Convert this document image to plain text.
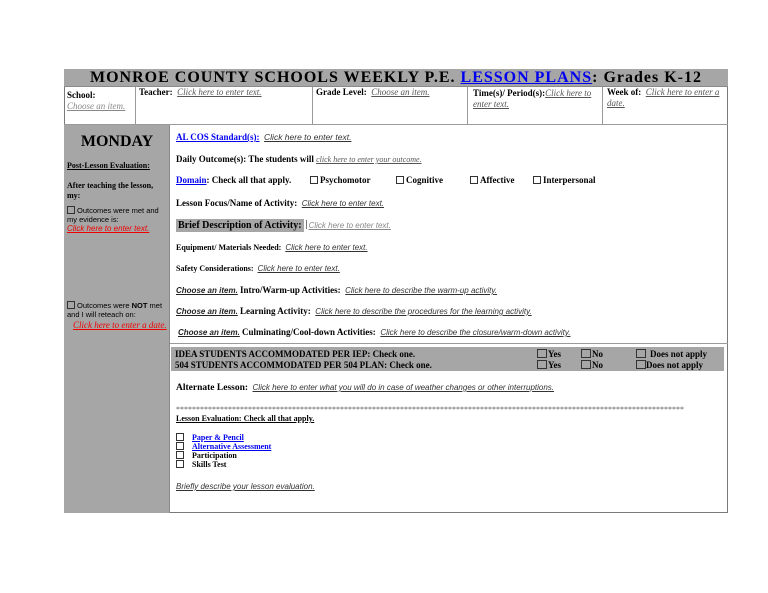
MONROE COUNTY SCHOOLS WEEKLY P.E. LESSON PLANS: Grades K-12
School:
Choose an item.
Teacher: Click here to enter text.	Grade Level: Choose an item.	Time(s)/ Period(s):Click here to enter text.
Week of: Click here to enter a date.
MONDAY
Post-Lesson Evaluation:
After teaching the lesson, my:
Outcomes were met and my evidence is:
Click here to enter text.
Outcomes were NOT met and I will reteach on:
Click here to enter a date.
AL COS Standard(s): Click here to enter text.
Daily Outcome(s): The students will click here to enter your outcome.
Domain: Check all that apply.	Psychomotor	Cognitive	Affective	Interpersonal
Lesson Focus/Name of Activity: Click here to enter text.
Brief Description of Activity: Click here to enter text.
Equipment/ Materials Needed: Click here to enter text.
Safety Considerations: Click here to enter text.
Choose an item. Intro/Warm-up Activities: Click here to describe the warm-up activity.
Choose an item. Learning Activity: Click here to describe the procedures for the learning activity.
Choose an item. Culminating/Cool-down Activities: Click here to describe the closure/warm-down activity.
IDEA STUDENTS ACCOMMODATED PER IEP: Check one.	Yes	No	Does not apply
504 STUDENTS ACCOMMODATED PER 504 PLAN: Check one.	Yes	No	Does not apply
Alternate Lesson: Click here to enter what you will do in case of weather changes or other interruptions.
*******************************************************************************************************************************
Lesson Evaluation: Check all that apply.
Paper & Pencil
Alternative Assessment
Participation
Skills Test
Briefly describe your lesson evaluation.
